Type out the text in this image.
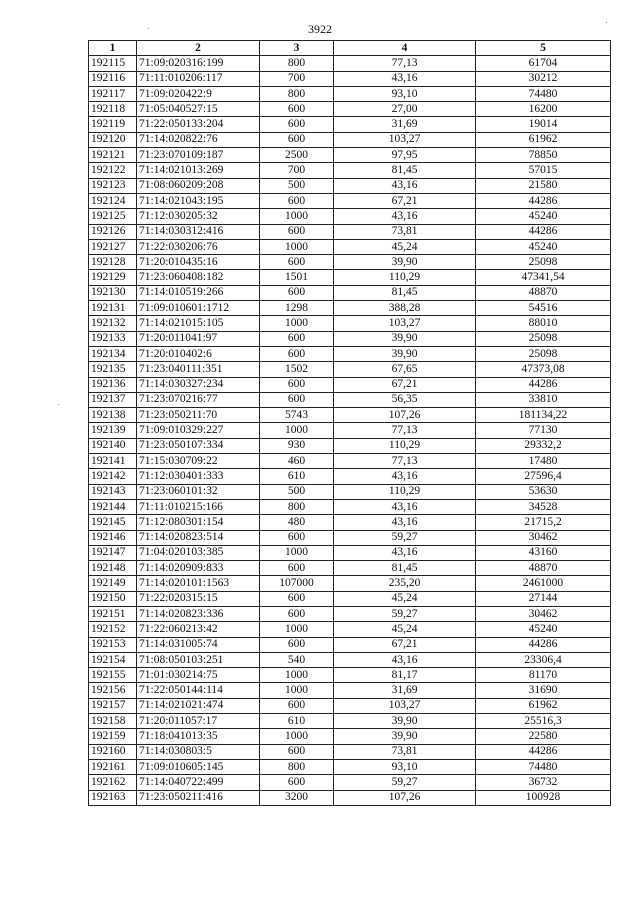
3922
1	2	3	4	5
192115	71:09:020316:199	800	77,13	61704
192116	71:11:010206:117	700	43,16	30212
192117	71:09:020422:9	800	93,10	74480
192118	71:05:040527:15	600	27,00	16200
192119	71:22:050133:204	600	31,69	19014
192120	71:14:020822:76	600	103,27	61962
192121	71:23:070109:187	2500	97,95	78850
192122	71:14:021013:269	700	81,45	57015
192123	71:08:060209:208	500	43,16	21580
192124	71:14:021043:195	600	67,21	44286
192125	71:12:030205:32	1000	43,16	45240
192126	71:14:030312:416	600	73,81	44286
192127	71:22:030206:76	1000	45,24	45240
192128	71:20:010435:16	600	39,90	25098
192129	71:23:060408:182	1501	110,29	47341,54
192130	71:14:010519:266	600	81,45	48870
192131	71:09:010601:1712	1298	388,28	54516
192132	71:14:021015:105	1000	103,27	88010
192133	71:20:011041:97	600	39,90	25098
192134	71:20:010402:6	600	39,90	25098
192135	71:23:040111:351	1502	67,65	47373,08
192136	71:14:030327:234	600	67,21	44286
192137	71:23:070216:77	600	56,35	33810
192138	71:23:050211:70	5743	107,26	181134,22
192139	71:09:010329:227	1000	77,13	77130
192140	71:23:050107:334	930	110,29	29332,2
192141	71:15:030709:22	460	77,13	17480
192142	71:12:030401:333	610	43,16	27596,4
192143	71:23:060101:32	500	110,29	53630
192144	71:11:010215:166	800	43,16	34528
192145	71:12:080301:154	480	43,16	21715,2
192146	71:14:020823:514	600	59,27	30462
192147	71:04:020103:385	1000	43,16	43160
192148	71:14:020909:833	600	81,45	48870
192149	71:14:020101:1563	107000	235,20	2461000
192150	71:22:020315:15	600	45,24	27144
192151	71:14:020823:336	600	59,27	30462
192152	71:22:060213:42	1000	45,24	45240
192153	71:14:031005:74	600	67,21	44286
192154	71:08:050103:251	540	43,16	23306,4
192155	71:01:030214:75	1000	81,17	81170
192156	71:22:050144:114	1000	31,69	31690
192157	71:14:021021:474	600	103,27	61962
192158	71:20:011057:17	610	39,90	25516,3
192159	71:18:041013:35	1000	39,90	22580
192160	71:14:030803:5	600	73,81	44286
192161	71:09:010605:145	800	93,10	74480
192162	71:14:040722:499	600	59,27	36732
192163	71:23:050211:416	3200	107,26	100928
